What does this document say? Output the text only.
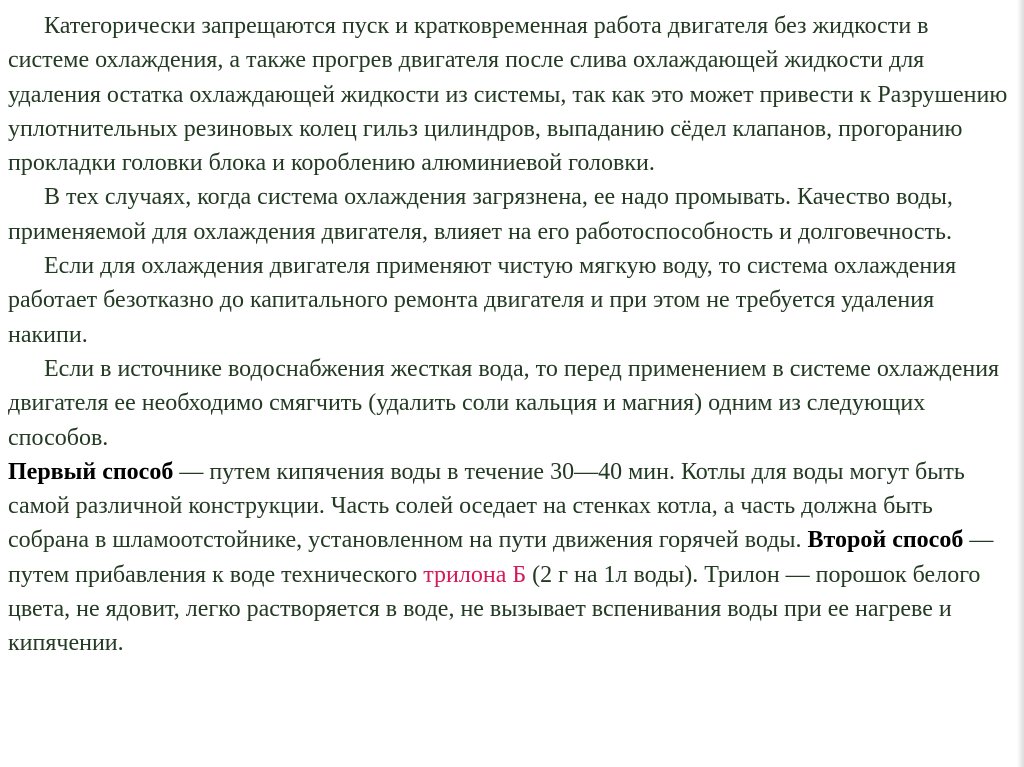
Категорически запрещаются пуск и кратковременная работа двигателя без жидкости в системе охлаждения, а также прогрев двигателя после слива охлаждающей жидкости для удаления остатка охлаждающей жидкости из системы, так как это может привести к Разрушению уплотнительных резиновых колец гильз цилиндров, выпаданию сёдел клапанов, прогоранию прокладки головки блока и короблению алюминиевой головки.

В тех случаях, когда система охлаждения загрязнена, ее надо промывать. Качество воды, применяемой для охлаждения двигателя, влияет на его работоспособность и долговечность.

Если для охлаждения двигателя применяют чистую мягкую воду, то система охлаждения работает безотказно до капитального ремонта двигателя и при этом не требуется удаления накипи.

Если в источнике водоснабжения жесткая вода, то перед применением в системе охлаждения двигателя ее необходимо смягчить (удалить соли кальция и магния) одним из следующих способов.

Первый способ — путем кипячения воды в течение 30—40 мин. Котлы для воды могут быть самой различной конструкции. Часть солей оседает на стенках котла, а часть должна быть собрана в шламоотстойнике, установленном на пути движения горячей воды. Второй способ — путем прибавления к воде технического трилона Б (2 г на 1л воды). Трилон — порошок белого цвета, не ядовит, легко растворяется в воде, не вызывает вспенивания воды при ее нагреве и кипячении.
